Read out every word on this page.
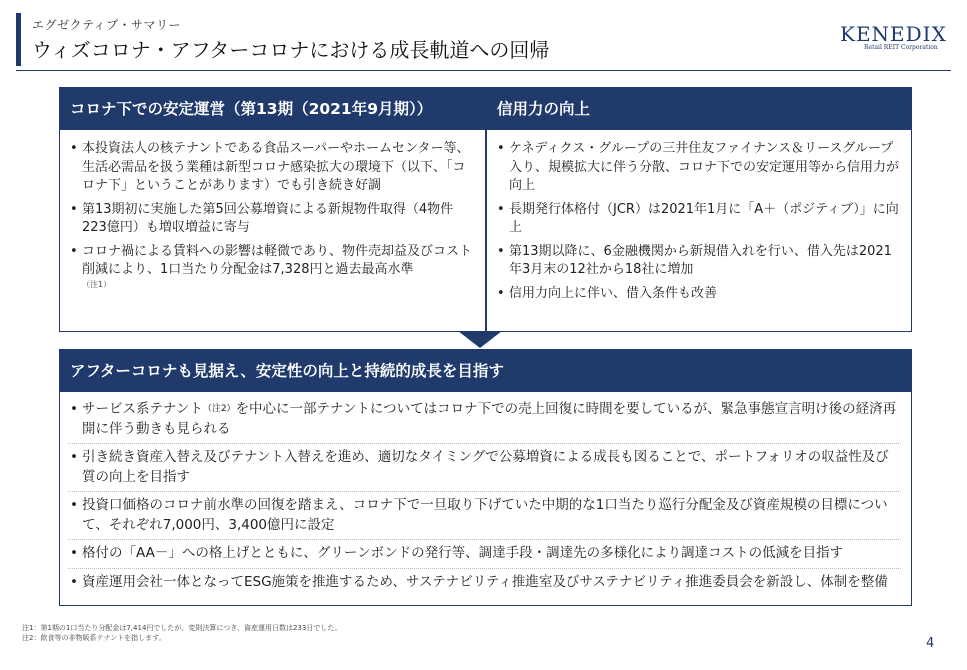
エグゼクティブ・サマリー
ウィズコロナ・アフターコロナにおける成長軌道への回帰
KENEDIX
Retail REIT Corporation
コロナ下での安定運営（第13期（2021年9月期））
• 本投資法人の核テナントである食品スーパーやホームセンター等、生活必需品を扱う業種は新型コロナ感染拡大の環境下（以下、「コロナ下」ということがあります）でも引き続き好調
• 第13期初に実施した第5回公募増資による新規物件取得（4物件223億円）も増収増益に寄与
• コロナ禍による賃料への影響は軽微であり、物件売却益及びコスト削減により、1口当たり分配金は7,328円と過去最高水準
（注1）
信用力の向上
• ケネディクス・グループの三井住友ファイナンス＆リースグループ入り、規模拡大に伴う分散、コロナ下での安定運用等から信用力が向上
• 長期発行体格付（JCR）は2021年1月に「A＋（ポジティブ）」に向上
• 第13期以降に、6金融機関から新規借入れを行い、借入先は2021年3月末の12社から18社に増加
• 信用力向上に伴い、借入条件も改善
アフターコロナも見据え、安定性の向上と持続的成長を目指す
• サービス系テナント$^{(注2)}$を中心に一部テナントについてはコロナ下での売上回復に時間を要しているが、緊急事態宣言明け後の経済再開に伴う動きも見られる
• 引き続き資産入替え及びテナント入替えを進め、適切なタイミングで公募増資による成長も図ることで、ポートフォリオの収益性及び質の向上を目指す
• 投資口価格のコロナ前水準の回復を踏まえ、コロナ下で一旦取り下げていた中期的な1口当たり巡行分配金及び資産規模の目標について、それぞれ7,000円、3,400億円に設定
• 格付の「AA－」への格上げとともに、グリーンボンドの発行等、調達手段・調達先の多様化により調達コストの低減を目指す
• 資産運用会社一体となってESG施策を推進するため、サステナビリティ推進室及びサステナビリティ推進委員会を新設し、体制を整備
注1：第1期の1口当たり分配金は7,414円でしたが、変則決算につき、資産運用日数は233日でした。
注2：飲食等の非物販系テナントを指します。	4
